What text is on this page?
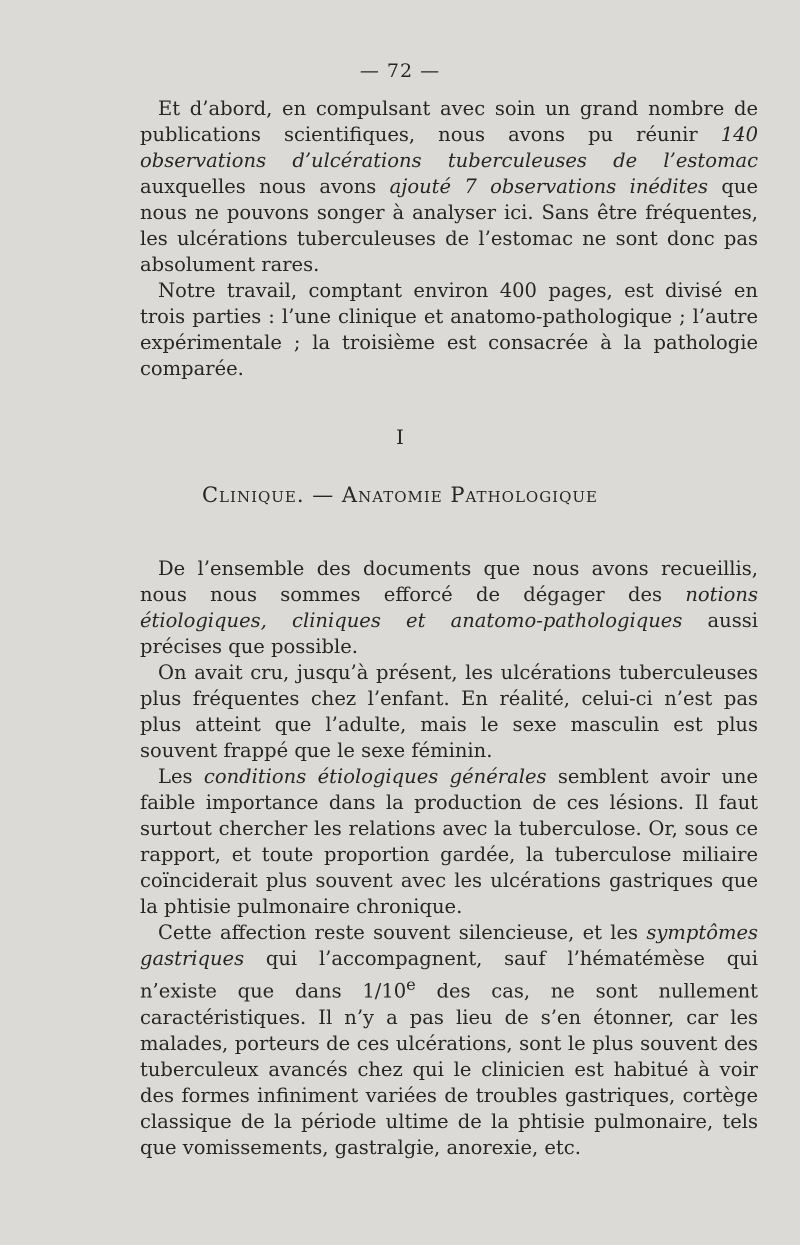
— 72 —

Et d’abord, en compulsant avec soin un grand nombre de publications scientifiques, nous avons pu réunir 140 observations d’ulcérations tuberculeuses de l’estomac auxquelles nous avons ajouté 7 observations inédites que nous ne pouvons songer à analyser ici. Sans être fréquentes, les ulcérations tuberculeuses de l’estomac ne sont donc pas absolument rares.

Notre travail, comptant environ 400 pages, est divisé en trois parties : l’une clinique et anatomo-pathologique ; l’autre expérimentale ; la troisième est consacrée à la pathologie comparée.

I
Clinique. — Anatomie Pathologique

De l’ensemble des documents que nous avons recueillis, nous nous sommes efforcé de dégager des notions étiologiques, cliniques et anatomo-pathologiques aussi précises que possible.

On avait cru, jusqu’à présent, les ulcérations tuberculeuses plus fréquentes chez l’enfant. En réalité, celui-ci n’est pas plus atteint que l’adulte, mais le sexe masculin est plus souvent frappé que le sexe féminin.

Les conditions étiologiques générales semblent avoir une faible importance dans la production de ces lésions. Il faut surtout chercher les relations avec la tuberculose. Or, sous ce rapport, et toute proportion gardée, la tuberculose miliaire coïnciderait plus souvent avec les ulcérations gastriques que la phtisie pulmonaire chronique.

Cette affection reste souvent silencieuse, et les symptômes gastriques qui l’accompagnent, sauf l’hématémèse qui n’existe que dans 1/10e des cas, ne sont nullement caractéristiques. Il n’y a pas lieu de s’en étonner, car les malades, porteurs de ces ulcérations, sont le plus souvent des tuberculeux avancés chez qui le clinicien est habitué à voir des formes infiniment variées de troubles gastriques, cortège classique de la période ultime de la phtisie pulmonaire, tels que vomissements, gastralgie, anorexie, etc.
